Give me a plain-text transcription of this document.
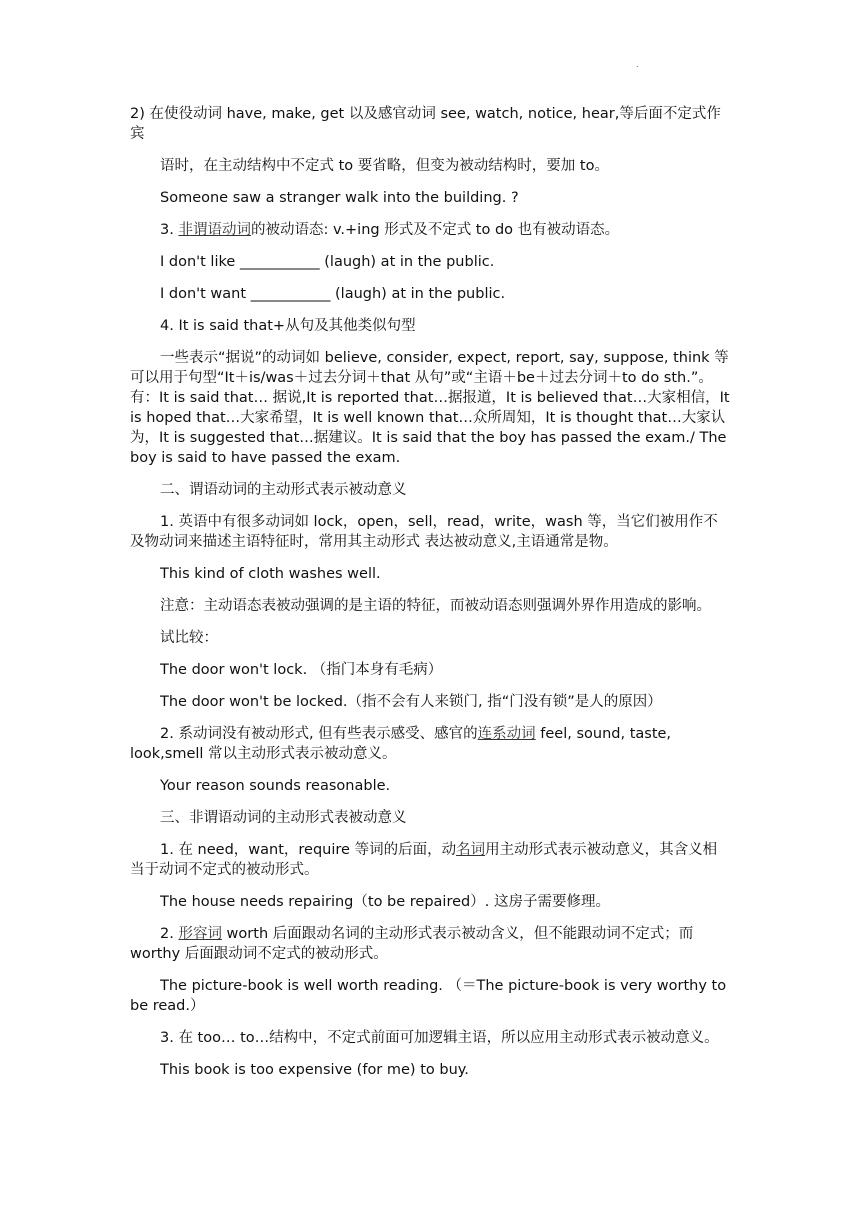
.

2) 在使役动词 have, make, get 以及感官动词 see, watch, notice, hear,等后面不定式作宾

语时，在主动结构中不定式 to 要省略，但变为被动结构时，要加 to。

Someone saw a stranger walk into the building. ?

3. 非谓语动词的被动语态: v.+ing 形式及不定式 to do 也有被动语态。

I don't like ___________ (laugh) at in the public.

I don't want ___________ (laugh) at in the public.

4. It is said that+从句及其他类似句型

一些表示“据说”的动词如 believe, consider, expect, report, say, suppose, think 等可以用于句型“It＋is/was＋过去分词＋that 从句”或“主语＋be＋过去分词＋to do sth.”。有：It is said that… 据说,It is reported that…据报道，It is believed that…大家相信，It is hoped that…大家希望，It is well known that…众所周知，It is thought that…大家认为，It is suggested that…据建议。It is said that the boy has passed the exam./ The boy is said to have passed the exam.

二、谓语动词的主动形式表示被动意义

1. 英语中有很多动词如 lock，open，sell，read，write，wash 等，当它们被用作不及物动词来描述主语特征时，常用其主动形式 表达被动意义,主语通常是物。

This kind of cloth washes well.

注意：主动语态表被动强调的是主语的特征，而被动语态则强调外界作用造成的影响。

试比较：

The door won't lock. （指门本身有毛病）

The door won't be locked.（指不会有人来锁门, 指“门没有锁”是人的原因）

2. 系动词没有被动形式, 但有些表示感受、感官的连系动词 feel, sound, taste, look,smell 常以主动形式表示被动意义。

Your reason sounds reasonable.

三、非谓语动词的主动形式表被动意义

1. 在 need，want，require 等词的后面，动名词用主动形式表示被动意义，其含义相当于动词不定式的被动形式。

The house needs repairing（to be repaired）. 这房子需要修理。

2. 形容词 worth 后面跟动名词的主动形式表示被动含义，但不能跟动词不定式；而 worthy 后面跟动词不定式的被动形式。

The picture-book is well worth reading. （＝The picture-book is very worthy to be read.）

3. 在 too… to…结构中，不定式前面可加逻辑主语，所以应用主动形式表示被动意义。

This book is too expensive (for me) to buy.
